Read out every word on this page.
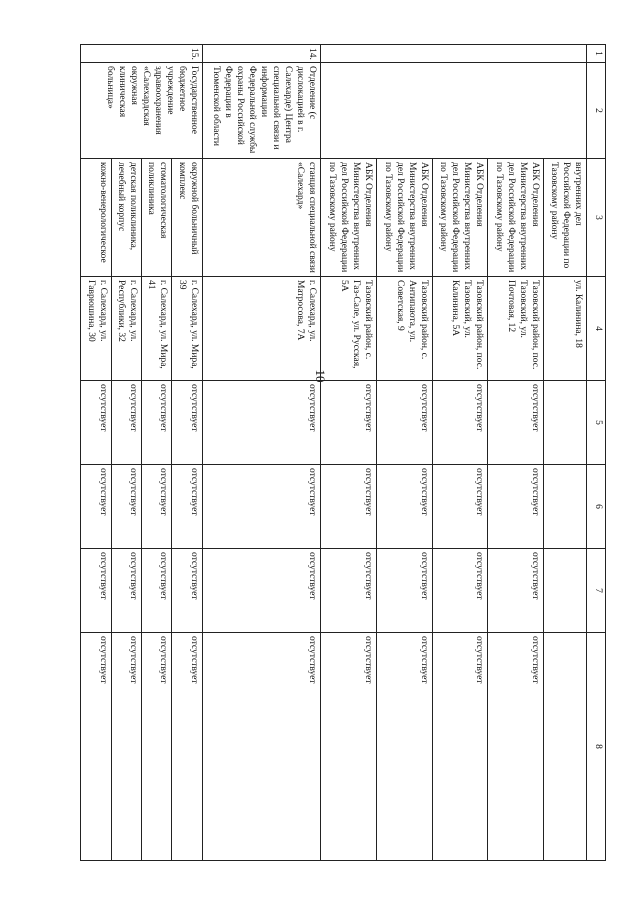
10
1	2	3	4	5	6	7	8
		внутренних дел Российской Федерации по Тазовскому району	ул. Калинина, 18				
		АБК Отделения Министерства внутренних дел Российской Федерации по Тазовскому району	Тазовский район, пос. Тазовский, ул. Почтовая, 12	отсутствует	отсутствует	отсутствует	отсутствует
		АБК Отделения Министерства внутренних дел Российской Федерации по Тазовскому району	Тазовский район, пос. Тазовский, ул. Калинина, 5А	отсутствует	отсутствует	отсутствует	отсутствует
		АБК Отделения Министерства внутренних дел Российской Федерации по Тазовскому району	Тазовский район, с. Антипаюта, ул. Советская, 9	отсутствует	отсутствует	отсутствует	отсутствует
		АБК Отделения Министерства внутренних дел Российской Федерации по Тазовскому району	Тазовский район, с. Газ-Сале, ул. Русская, 5А	отсутствует	отсутствует	отсутствует	отсутствует
14.	Отделение (с дислокацией в г. Салехарде) Центра специальной связи и информации Федеральной службы охраны Российской Федерации в Тюменской области	станция специальной связи «Салехард»	г. Салехард, ул. Матросова, 7А	отсутствует	отсутствует	отсутствует	отсутствует
15.	Государственное бюджетное учреждение здравоохранения «Салехардская окружная клиническая больница»	окружной больничный комплекс	г. Салехард, ул. Мира, 39	отсутствует	отсутствует	отсутствует	отсутствует
		стоматологическая поликлиника	г. Салехард, ул. Мира, 41	отсутствует	отсутствует	отсутствует	отсутствует
		детская поликлиника, лечебный корпус	г. Салехард, ул. Республики, 32	отсутствует	отсутствует	отсутствует	отсутствует
		кожно-венерологическое	г. Салехард, ул. Гаврюшина, 30	отсутствует	отсутствует	отсутствует	отсутствует
